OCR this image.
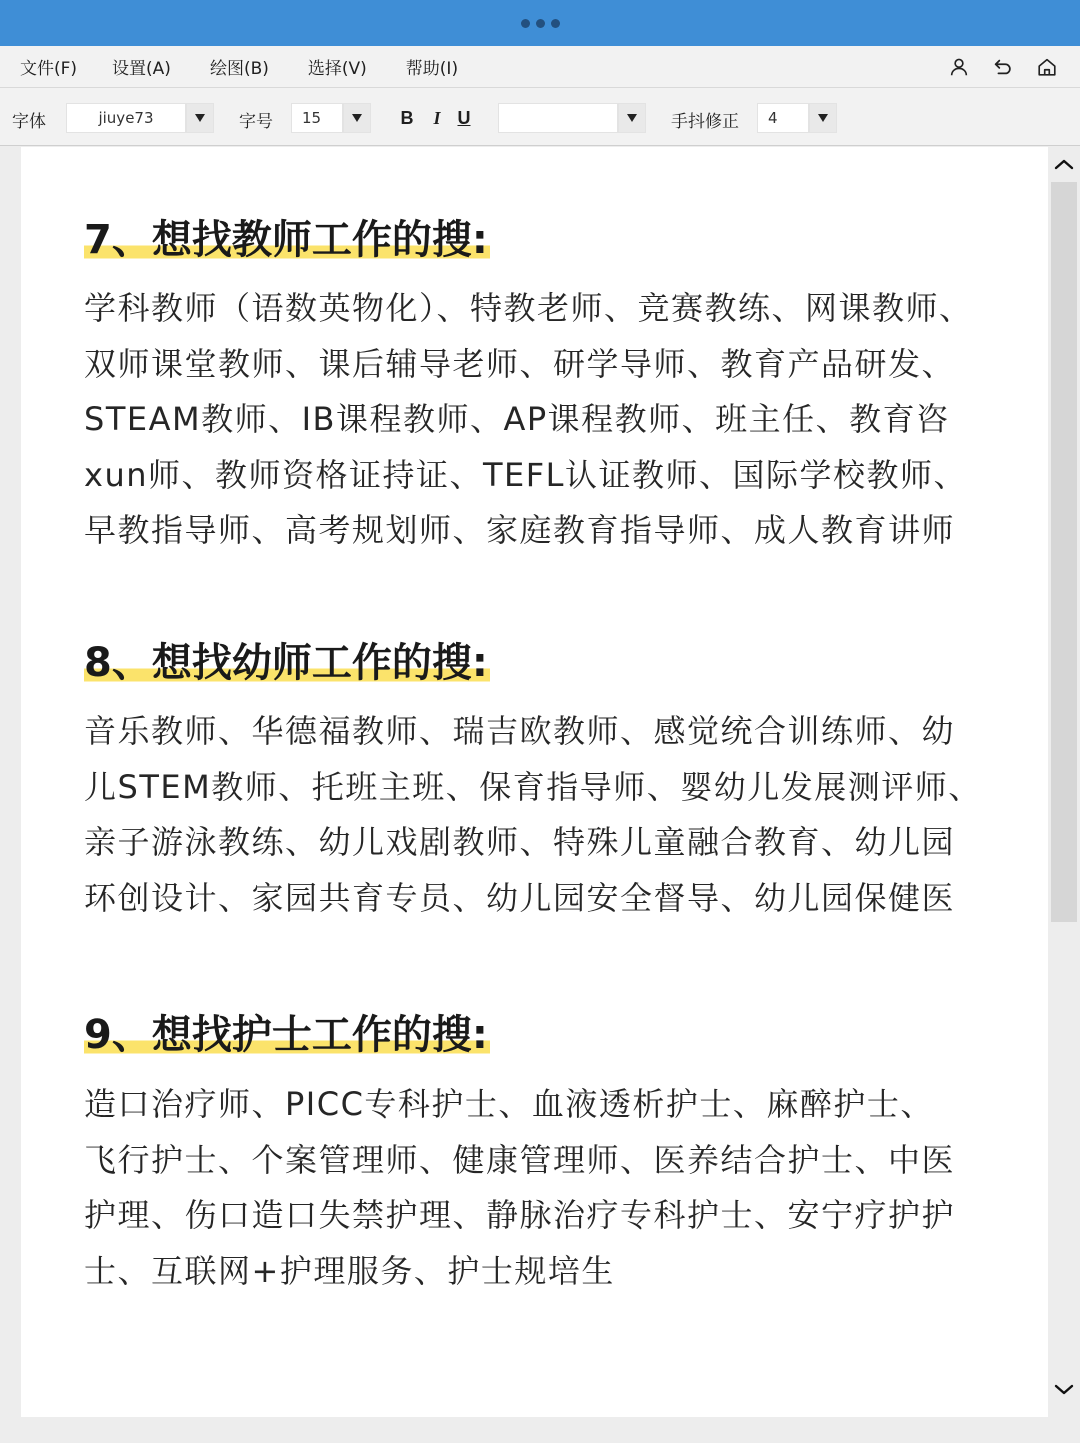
文件(F) 设置(A) 绘图(B) 选择(V) 帮助(I)
字体	jiuye73	字号	15	B	I U	手抖修正	4
7、想找教师工作的搜:
学科教师（语数英物化）、特教老师、竞赛教练、网课教师、
双师课堂教师、课后辅导老师、研学导师、教育产品研发、
STEAM教师、IB课程教师、AP课程教师、班主任、教育咨
xun师、教师资格证持证、TEFL认证教师、国际学校教师、
早教指导师、高考规划师、家庭教育指导师、成人教育讲师
8、想找幼师工作的搜:
音乐教师、华德福教师、瑞吉欧教师、感觉统合训练师、幼
儿STEM教师、托班主班、保育指导师、婴幼儿发展测评师、
亲子游泳教练、幼儿戏剧教师、特殊儿童融合教育、幼儿园
环创设计、家园共育专员、幼儿园安全督导、幼儿园保健医
9、想找护士工作的搜:
造口治疗师、PICC专科护士、血液透析护士、麻醉护士、
飞行护士、个案管理师、健康管理师、医养结合护士、中医
护理、伤口造口失禁护理、静脉治疗专科护士、安宁疗护护
士、互联网+护理服务、护士规培生
